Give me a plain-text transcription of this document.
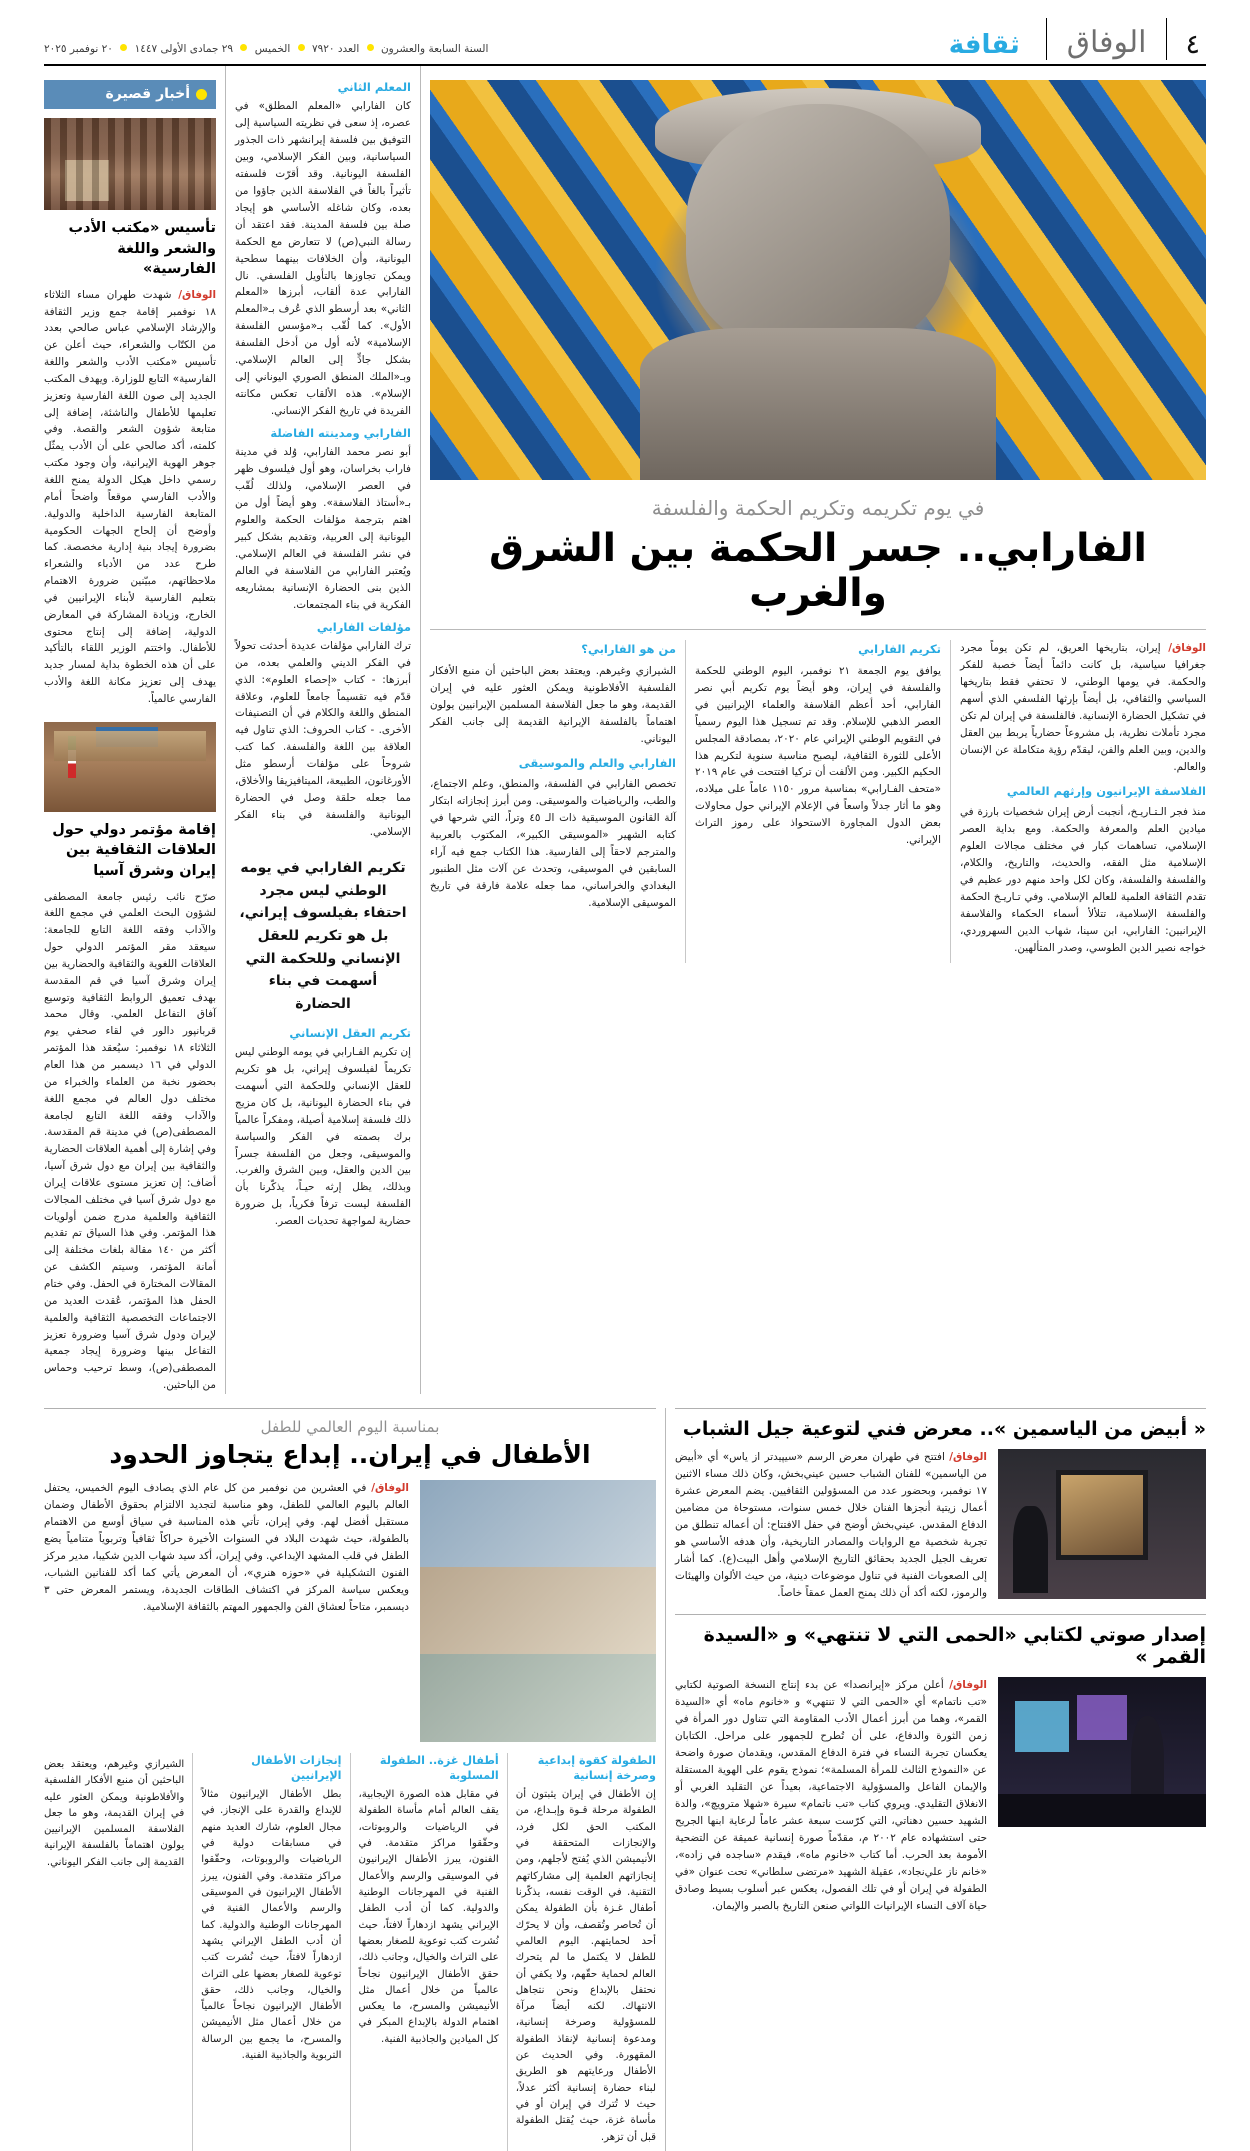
٤
الوفاق
ثقافة
السنة السابعة والعشرون  العدد ٧٩٢٠  الخميس  ٢٩ جمادى الأولى ١٤٤٧  ٢٠ نوفمبر ٢٠٢٥
في يوم تكريمه وتكريم الحكمة والفلسفة
الفارابي.. جسر الحكمة بين الشرق والغرب

الوفاق/ إيران، بتاريخها العريق، لم تكن يوماً مجرد جغرافيا سياسية، بل كانت دائماً أيضاً خصبة للفكر والحكمة. في يومها الوطني، لا تحتفي فقط بتاريخها السياسي والثقافي، بل أيضاً بإرثها الفلسفي الذي أسهم في تشكيل الحضارة الإنسانية. فالفلسفة في إيران لم تكن مجرد تأملات نظرية، بل مشروعاً حضارياً يربط بين العقل والدين، وبين العلم والفن، ليقدّم رؤية متكاملة عن الإنسان والعالم.

الفلاسفة الإيرانيون وإرثهم العالمي

منذ فجر الـتـاريـخ، أنجبت أرض إيران شخصيات بارزة في ميادين العلم والمعرفة والحكمة. ومع بداية العصر الإسلامي، تساهمات كبار في مختلف مجالات العلوم الإسلامية مثل الفقه، والحديث، والتاريخ، والكلام، والفلسفة والفلسفة، وكان لكل واحد منهم دور عظيم في تقدم الثقافة العلمية للعالم الإسلامي. وفي تـاريـخ الحكمة والفلسفة الإسلامية، تتلألأ أسماء الحكماء والفلاسفة الإيرانيين: الفارابي، ابن سينا، شهاب الدين السهروردي، خواجه نصير الدين الطوسي، وصدر المتألهين.

تكريم الفارابي

يوافق يوم الجمعة ٢١ نوفمبر، اليوم الوطني للحكمة والفلسفة في إيران، وهو أيضاً يوم تكريم أبي نصر الفارابي، أحد أعظم الفلاسفة والعلماء الإيرانيين في العصر الذهبي للإسلام. وقد تم تسجيل هذا اليوم رسمياً في التقويم الوطني الإيراني عام ٢٠٢٠، بمصادقة المجلس الأعلى للثورة الثقافية، ليصبح مناسبة سنوية لتكريم هذا الحكيم الكبير. ومن الألفت أن تركيا افتتحت في عام ٢٠١٩ «متحف الفـارابي» بمناسبة مرور ١١٥٠ عاماً على ميلاده، وهو ما أثار جدلاً واسعاً في الإعلام الإيراني حول محاولات بعض الدول المجاورة الاستحواذ على رموز التراث الإيراني.

من هو الفارابي؟

الشيرازي وغيرهم. ويعتقد بعض الباحثين أن منبع الأفكار الفلسفية الأفلاطونية ويمكن العثور عليه في إيران القديمة، وهو ما جعل الفلاسفة المسلمين الإيرانيين يولون اهتماماً بالفلسفة الإيرانية القديمة إلى جانب الفكر اليوناني.

الفارابي والعلم والموسيقى

تخصص الفارابي في الفلسفة، والمنطق، وعلم الاجتماع، والطب، والرياضيات والموسيقى. ومن أبرز إنجازاته ابتكار آلة القانون الموسيقية ذات الـ ٤٥ وتراً، التي شرحها في كتابه الشهير «الموسيقى الكبير»، المكتوب بالعربية والمترجم لاحقاً إلى الفارسية. هذا الكتاب جمع فيه آراء السابقين في الموسيقى، وتحدث عن آلات مثل الطنبور البغدادي والخراساني، مما جعله علامة فارقة في تاريخ الموسيقى الإسلامية.

المعلم الثاني

كان الفارابي «المعلم المطلق» في عصره، إذ سعى في نظريته السياسية إلى التوفيق بين فلسفة إيرانشهر ذات الجذور السياسانية، وبين الفكر الإسلامي، وبين الفلسفة اليونانية. وقد أقرّت فلسفته تأثيراً بالغاً في الفلاسفة الذين جاؤوا من بعده، وكان شاغله الأساسي هو إيجاد صلة بين فلسفة المدينة. فقد اعتقد أن رسالة النبي(ص) لا تتعارض مع الحكمة اليونانية، وأن الخلافات بينهما سطحية ويمكن تجاوزها بالتأويل الفلسفي. نال الفارابي عدة ألقاب، أبرزها «المعلم الثاني» بعد أرسطو الذي عُرف بـ«المعلم الأول». كما لُقّب بـ«مؤسس الفلسفة الإسلامية» لأنه أول من أدخل الفلسفة بشكل جادٍّ إلى العالم الإسلامي. وبـ«الملك المنطق الصوري اليوناني إلى الإسلام». هذه الألقاب تعكس مكانته الفريدة في تاريخ الفكر الإنساني.

الفارابي ومدينته الفاضلة

أبو نصر محمد الفارابي، وُلد في مدينة فاراب بخراسان، وهو أول فيلسوف ظهر في العصر الإسلامي، ولذلك لُقّب بـ«أستاذ الفلاسفة». وهو أيضاً أول من اهتم بترجمة مؤلفات الحكمة والعلوم اليونانية إلى العربية، وتقديم بشكل كبير في نشر الفلسفة في العالم الإسلامي. ويُعتبر الفارابي من الفلاسفة في العالم الذين بنى الحضارة الإنسانية بمشاريعه الفكرية في بناء المجتمعات.

مؤلفات الفارابي

ترك الفارابي مؤلفات عديدة أحدثت تحولاً في الفكر الديني والعلمي بعده، من أبرزها: - كتاب «إحصاء العلوم»: الذي قدّم فيه تقسيماً جامعاً للعلوم، وعلاقة المنطق واللغة والكلام في أن التصنيفات الأخرى. - كتاب الحروف: الذي تناول فيه العلاقة بين اللغة والفلسفة. كما كتب شروحاً على مؤلفات أرسطو مثل الأورغانون، الطبيعة، الميتافيزيقا والأخلاق، مما جعله حلقة وصل في الحضارة اليونانية والفلسفة في بناء الفكر الإسلامي.

تكريم الفارابي في يومه الوطني ليس مجرد احتفاء بفيلسوف إيراني، بل هو تكريم للعقل الإنساني وللحكمة التي أسهمت في بناء الحضارة
تكريم العقل الإنساني

إن تكريم الفـارابي في يومه الوطني ليس تكريماً لفيلسوف إيراني، بل هو تكريم للعقل الإنساني وللحكمة التي أسهمت في بناء الحضارة اليونانية، بل كان مزيج ذلك فلسفة إسلامية أصيلة، ومفكراً عالمياً برك بصمته في الفكر والسياسة والموسيقى، وجعل من الفلسفة جسراً بين الدين والعقل، وبين الشرق والغرب. وبذلك، يظل إرثه حيـاً، يذكّرنا بأن الفلسفة ليست ترفاً فكرياً، بل ضرورة حضارية لمواجهة تحديات العصر.

أخبار قصيرة
تأسيس «مكتب الأدب والشعر واللغة الفارسية»
الوفاق/ شهدت طهران مساء الثلاثاء ١٨ نوفمبر إقامة جمع وزير الثقافة والإرشاد الإسلامي عباس صالحي بعدد من الكتّاب والشعراء، حيث أعلن عن تأسيس «مكتب الأدب والشعر واللغة الفارسية» التابع للوزارة. ويهدف المكتب الجديد إلى صون اللغة الفارسية وتعزيز تعليمها للأطفال والناشئة، إضافة إلى متابعة شؤون الشعر والقصة. وفي كلمته، أكد صالحي على أن الأدب يمثّل جوهر الهوية الإيرانية، وأن وجود مكتب رسمي داخل هيكل الدولة يمنح اللغة والأدب الفارسي موقعاً واضحاً أمام المتابعة الفارسية الداخلية والدولية. وأوضح أن إلحاح الجهات الحكومية بضرورة إيجاد بنية إدارية مخصصة. كما طرح عدد من الأدباء والشعراء ملاحظاتهم، مبيّنين ضرورة الاهتمام بتعليم الفارسية لأبناء الإيرانيين في الخارج، وزيادة المشاركة في المعارض الدولية، إضافة إلى إنتاج محتوى للأطفال. واختتم الوزير اللقاء بالتأكيد على أن هذه الخطوة بداية لمسار جديد يهدف إلى تعزيز مكانة اللغة والأدب الفارسي عالمياً.
إقامة مؤتمر دولي حول العلاقات الثقافية بين إيران وشرق آسيا
صرّح نائب رئيس جامعة المصطفى لشؤون البحث العلمي في مجمع اللغة والآداب وفقه اللغة التابع للجامعة: سيعقد مقر المؤتمر الدولي حول العلاقات اللغوية والثقافية والحضارية بين إيران وشرق آسيا في قم المقدسة بهدف تعميق الروابط الثقافية وتوسيع آفاق التفاعل العلمي. وقال محمد قربانپور دالور في لقاء صحفي يوم الثلاثاء ١٨ نوفمبر: سيُعقد هذا المؤتمر الدولي في ١٦ ديسمبر من هذا العام بحضور نخبة من العلماء والخبراء من مختلف دول العالم في مجمع اللغة والآداب وفقه اللغة التابع لجامعة المصطفى(ص) في مدينة قم المقدسة. وفي إشارة إلى أهمية العلاقات الحضارية والثقافية بين إيران مع دول شرق آسيا، أضاف: إن تعزيز مستوى علاقات إيران مع دول شرق آسيا في مختلف المجالات الثقافية والعلمية مدرج ضمن أولويات هذا المؤتمر. وفي هذا السياق تم تقديم أكثر من ١٤٠ مقالة بلغات مختلفة إلى أمانة المؤتمر، وسيتم الكشف عن المقالات المختارة في الحفل. وفي ختام الحفل هذا المؤتمر، عُقدت العديد من الاجتماعات التخصصية الثقافية والعلمية لإيران ودول شرق آسيا وضرورة تعزيز التفاعل بينها وضرورة إيجاد جمعية المصطفى(ص)، وسط ترحيب وحماس من الباحثين.
« أبيض من الياسمين ».. معرض فني لتوعية جيل الشباب
الوفاق/ افتتح في طهران معرض الرسم «سيپيدتر از ياس» أي «أبيض من الياسمين» للفنان الشباب حسين عيني‌بخش، وكان ذلك مساء الاثنين ١٧ نوفمبر، وبحضور عدد من المسؤولين الثقافيين. يضم المعرض عشرة أعمال زيتية أنجزها الفنان خلال خمس سنوات، مستوحاة من مضامين الدفاع المقدس. عيني‌بخش أوضح في حفل الافتتاح: أن أعماله تنطلق من تجربة شخصية مع الروايات والمصادر التاريخية، وأن هدفه الأساسي هو تعريف الجيل الجديد بحقائق التاريخ الإسلامي وأهل البيت(ع). كما أشار إلى الصعوبات الفنية في تناول موضوعات دينية، من حيث الألوان والهيئات والرموز، لكنه أكد أن ذلك يمنح العمل عمقاً خاصاً.
إصدار صوتي لكتابي «الحمى التي لا تنتهي» و «السيدة القمر »
الوفاق/ أعلن مركز «إيرانصدا» عن بدء إنتاج النسخة الصوتية لكتابي «تب ناتمام» أي «الحمى التي لا تنتهي» و «خانوم ماه» أي «السيدة القمر»، وهما من أبرز أعمال الأدب المقاومة التي تتناول دور المرأة في زمن الثورة والدفاع، على أن تُطرح للجمهور على مراحل. الكتابان يعكسان تجربة النساء في فترة الدفاع المقدس، ويقدمان صورة واضحة عن «النموذج الثالث للمرأة المسلمة»؛ نموذج يقوم على الهوية المستقلة والإيمان الفاعل والمسؤولية الاجتماعية، بعيداً عن التقليد الغربي أو الانغلاق التقليدي. ويروي كتاب «تب ناتمام» سيرة «شهلا مترويچ»، والدة الشهيد حسين دهناتي، التي كرّست سبعة عشر عاماً لرعاية ابنها الجريح حتى استشهاده عام ٢٠٠٢ م، مقدّماً صورة إنسانية عميقة عن التضحية الأمومة بعد الحرب. أما كتاب «خانوم ماه»، فيقدم «ساجده في زاده»، «خانم ناز علي‌نجاد»، عقيلة الشهيد «مرتضى سلطاني» تحت عنوان «في الطفولة في إيران أو في تلك الفصول، يعكس عبر أسلوب بسيط وصادق حياة آلاف النساء الإيرانيات اللواتي صنعن التاريخ بالصبر والإيمان.
بمناسبة اليوم العالمي للطفل
الأطفال في إيران.. إبداع يتجاوز الحدود
الوفاق/ في العشرين من نوفمبر من كل عام الذي يصادف اليوم الخميس، يحتفل العالم باليوم العالمي للطفل، وهو مناسبة لتجديد الالتزام بحقوق الأطفال وضمان مستقبل أفضل لهم. وفي إيران، تأتي هذه المناسبة في سياق أوسع من الاهتمام بالطفولة، حيث شهدت البلاد في السنوات الأخيرة حراكاً ثقافياً وتربوياً متنامياً يضع الطفل في قلب المشهد الإبداعي. وفي إيران، أكد سيد شهاب الدين شكيبا، مدير مركز الفنون التشكيلية في «حوزه هنري»، أن المعرض يأتي كما أكد للفنانين الشباب، ويعكس سياسة المركز في اكتشاف الطاقات الجديدة، ويستمر المعرض حتى ٣ ديسمبر، متاحاً لعشاق الفن والجمهور المهتم بالثقافة الإسلامية.
الطفولة كقوة إبداعية وصرخة إنسانية

إن الأطفال في إيران يثبتون أن الطفولة مرحلة قـوة وإبـداع، من المكتب الحق لكل فرد، والإنجازات المتحققة في الأنيميشن الذي يُفتح لأجلهم، ومن إنجازاتهم العلمية إلى مشاركاتهم التقنية. في الوقت نفسه، يذكّرنا أطفال غـزة بأن الطفولة يمكن أن تُحاصر وتُقصف، وأن لا يحرّك أحد لحمايتهم. اليوم العالمي للطفل لا يكتمل ما لم يتحرك العالم لحماية حقّهم، ولا يكفي أن نحتفل بالإبداع ونحن نتجاهل الانتهاك. لكنه أيضاً مرآة للمسؤولية وصرخة إنسانية، ومدعوة إنسانية لإنقاذ الطفولة المقهورة. وفي الحديث عن الأطفال ورعايتهم هو الطريق لبناء حضارة إنسانية أكثر عدلاً، حيث لا تُترك في إيران أو في مأساة غزة، حيث يُقتل الطفولة قبل أن تزهر.

أطفال غزة.. الطفولة المسلوبة

في مقابل هذه الصورة الإيجابية، يقف العالم أمام مأساة الطفولة في الرياضيات والروبوتات، وحقّقوا مراكز متقدمة. في الفنون، يبرز الأطفال الإيرانيون في الموسيقى والرسم والأعمال الفنية في المهرجانات الوطنية والدولية. كما أن أدب الطفل الإيراني يشهد ازدهاراً لافتاً، حيث نُشرت كتب توعوية للصغار بعضها على التراث والخيال، وجانب ذلك، حقق الأطفال الإيرانيون نجاحاً عالمياً من خلال أعمال مثل الأنيميشن والمسرح، ما يعكس اهتمام الدولة بالإبداع المبكر في كل الميادين والجاذبية الفنية.

إنجازات الأطفال الإيرانيين

بطل الأطفال الإيرانيون مثالاً للإبداع والقدرة على الإنجاز. في مجال العلوم، شارك العديد منهم في مسابقات دولية في الرياضيات والروبوتات، وحقّقوا مراكز متقدمة. وفي الفنون، يبرز الأطفال الإيرانيون في الموسيقى والرسم والأعمال الفنية في المهرجانات الوطنية والدولية. كما أن أدب الطفل الإيراني يشهد ازدهاراً لافتاً، حيث نُشرت كتب توعوية للصغار بعضها على التراث والخيال، وجانب ذلك، حقق الأطفال الإيرانيون نجاحاً عالمياً من خلال أعمال مثل الأنيميشن والمسرح، ما يجمع بين الرسالة التربوية والجاذبية الفنية.

الشيرازي وغيرهم، ويعتقد بعض الباحثين أن منبع الأفكار الفلسفية والأفلاطونية ويمكن العثور عليه في إيران القديمة، وهو ما جعل الفلاسفة المسلمين الإيرانيين يولون اهتماماً بالفلسفة الإيرانية القديمة إلى جانب الفكر اليوناني.
